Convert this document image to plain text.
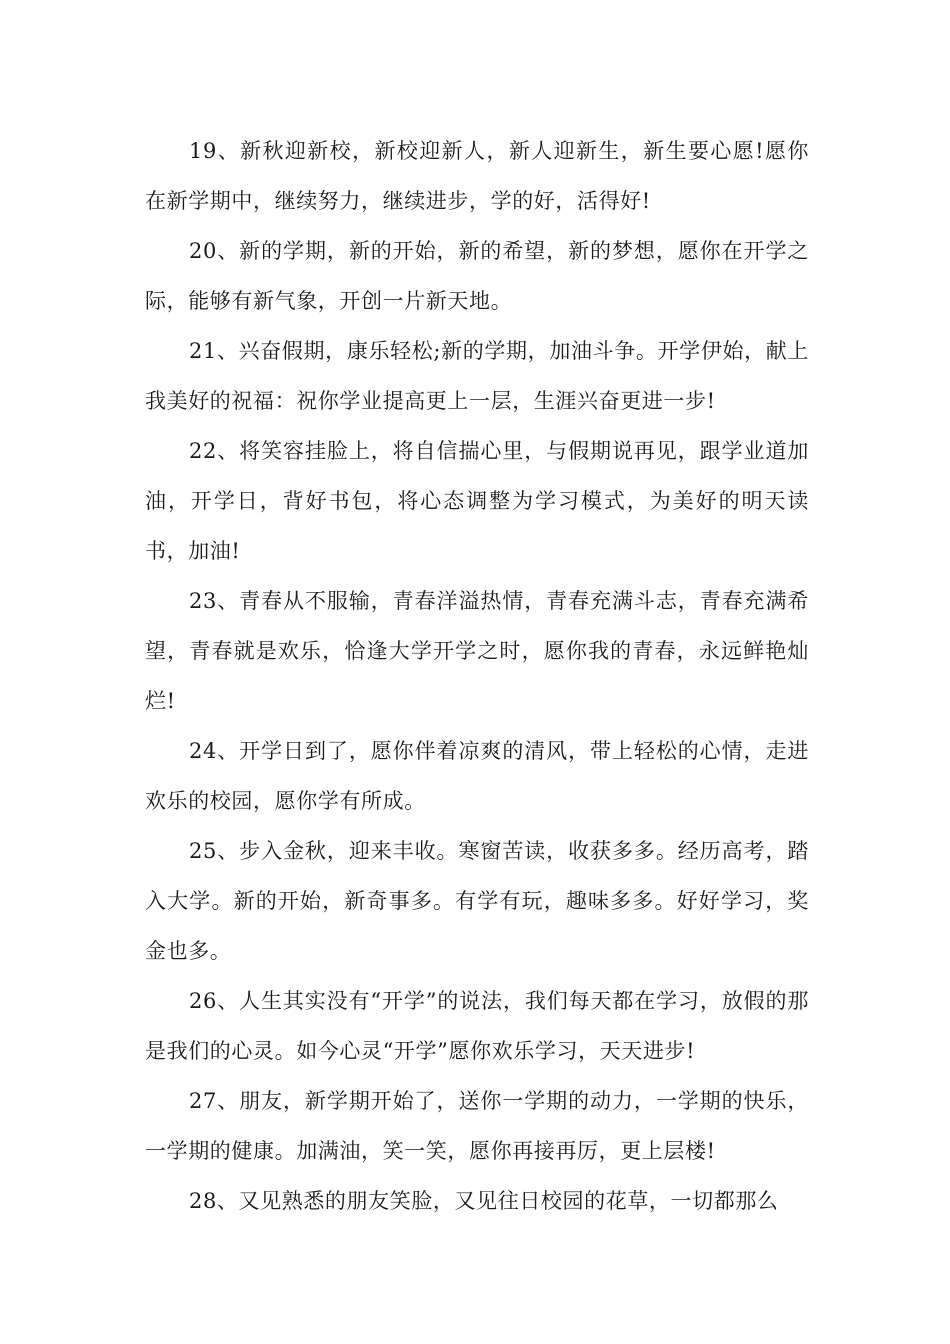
19、新秋迎新校，新校迎新人，新人迎新生，新生要心愿!愿你在新学期中，继续努力，继续进步，学的好，活得好!

20、新的学期，新的开始，新的希望，新的梦想，愿你在开学之际，能够有新气象，开创一片新天地。

21、兴奋假期，康乐轻松;新的学期，加油斗争。开学伊始，献上我美好的祝福：祝你学业提高更上一层，生涯兴奋更进一步!

22、将笑容挂脸上，将自信揣心里，与假期说再见，跟学业道加油，开学日，背好书包，将心态调整为学习模式，为美好的明天读书，加油!

23、青春从不服输，青春洋溢热情，青春充满斗志，青春充满希望，青春就是欢乐，恰逢大学开学之时，愿你我的青春，永远鲜艳灿烂!

24、开学日到了，愿你伴着凉爽的清风，带上轻松的心情，走进欢乐的校园，愿你学有所成。

25、步入金秋，迎来丰收。寒窗苦读，收获多多。经历高考，踏入大学。新的开始，新奇事多。有学有玩，趣味多多。好好学习，奖金也多。

26、人生其实没有“开学”的说法，我们每天都在学习，放假的那是我们的心灵。如今心灵“开学”愿你欢乐学习，天天进步!

27、朋友，新学期开始了，送你一学期的动力，一学期的快乐，一学期的健康。加满油，笑一笑，愿你再接再厉，更上层楼!

28、又见熟悉的朋友笑脸，又见往日校园的花草，一切都那么
